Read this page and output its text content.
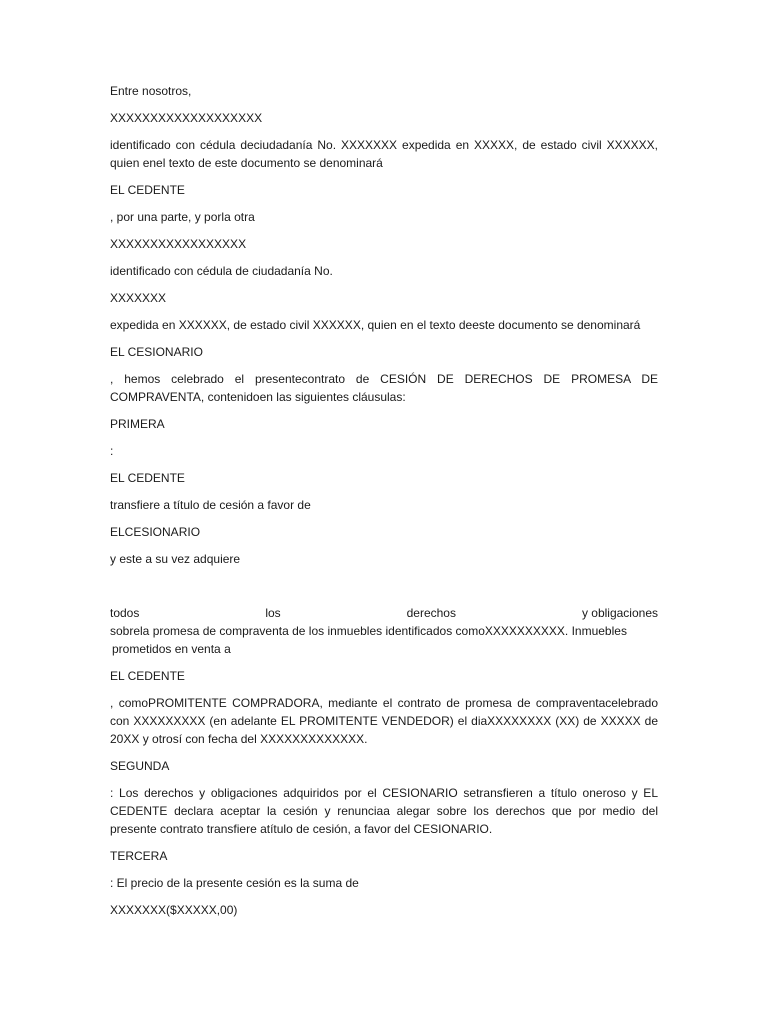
Entre nosotros,

XXXXXXXXXXXXXXXXXXX

identificado con cédula deciudadanía No. XXXXXXX expedida en XXXXX, de estado civil XXXXXX, quien enel texto de este documento se denominará

EL CEDENTE

, por una parte, y porla otra

XXXXXXXXXXXXXXXXX

identificado con cédula de ciudadanía No.

XXXXXXX

expedida en XXXXXX, de estado civil XXXXXX, quien en el texto deeste documento se denominará

EL CESIONARIO

, hemos celebrado el presentecontrato de CESIÓN DE DERECHOS DE PROMESA DE COMPRAVENTA, contenidoen las siguientes cláusulas:

PRIMERA

:

EL CEDENTE

transfiere a título de cesión a favor de

ELCESIONARIO

y este a su vez adquiere

todos	los	derechos	y obligaciones
sobrela promesa de compraventa de los inmuebles identificados comoXXXXXXXXXX. Inmuebles
prometidos en venta a

EL CEDENTE

, comoPROMITENTE COMPRADORA, mediante el contrato de promesa de compraventacelebrado con XXXXXXXXX (en adelante EL PROMITENTE VENDEDOR) el diaXXXXXXXX (XX) de XXXXX de 20XX y otrosí con fecha del XXXXXXXXXXXXX.

SEGUNDA

: Los derechos y obligaciones adquiridos por el CESIONARIO setransfieren a título oneroso y EL CEDENTE declara aceptar la cesión y renunciaa alegar sobre los derechos que por medio del presente contrato transfiere atítulo de cesión, a favor del CESIONARIO.

TERCERA

: El precio de la presente cesión es la suma de

XXXXXXX($XXXXX,00)
